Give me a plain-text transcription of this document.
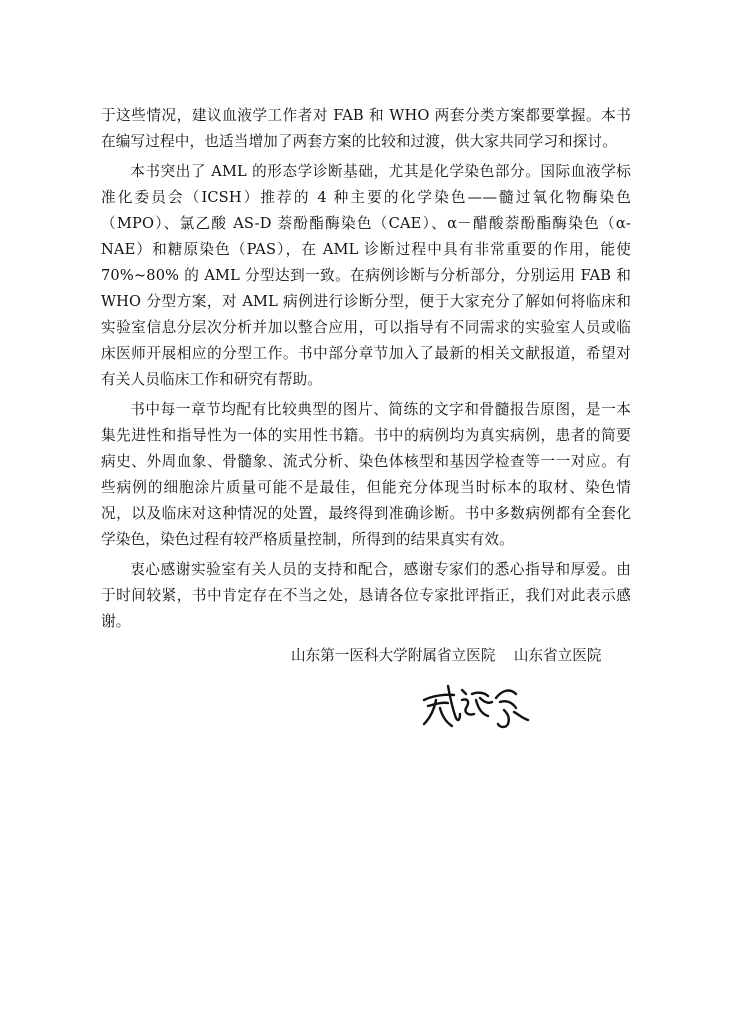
于这些情况，建议血液学工作者对 FAB 和 WHO 两套分类方案都要掌握。本书在编写过程中，也适当增加了两套方案的比较和过渡，供大家共同学习和探讨。

本书突出了 AML 的形态学诊断基础，尤其是化学染色部分。国际血液学标准化委员会（ICSH）推荐的 4 种主要的化学染色——髓过氧化物酶染色（MPO）、氯乙酸 AS-D 萘酚酯酶染色（CAE）、α－醋酸萘酚酯酶染色（α-NAE）和糖原染色（PAS），在 AML 诊断过程中具有非常重要的作用，能使 70%~80% 的 AML 分型达到一致。在病例诊断与分析部分，分别运用 FAB 和 WHO 分型方案，对 AML 病例进行诊断分型，便于大家充分了解如何将临床和实验室信息分层次分析并加以整合应用，可以指导有不同需求的实验室人员或临床医师开展相应的分型工作。书中部分章节加入了最新的相关文献报道，希望对有关人员临床工作和研究有帮助。

书中每一章节均配有比较典型的图片、简练的文字和骨髓报告原图，是一本集先进性和指导性为一体的实用性书籍。书中的病例均为真实病例，患者的简要病史、外周血象、骨髓象、流式分析、染色体核型和基因学检查等一一对应。有些病例的细胞涂片质量可能不是最佳，但能充分体现当时标本的取材、染色情况，以及临床对这种情况的处置，最终得到准确诊断。书中多数病例都有全套化学染色，染色过程有较严格质量控制，所得到的结果真实有效。

衷心感谢实验室有关人员的支持和配合，感谢专家们的悉心指导和厚爱。由于时间较紧，书中肯定存在不当之处，恳请各位专家批评指正，我们对此表示感谢。

山东第一医科大学附属省立医院    山东省立医院
